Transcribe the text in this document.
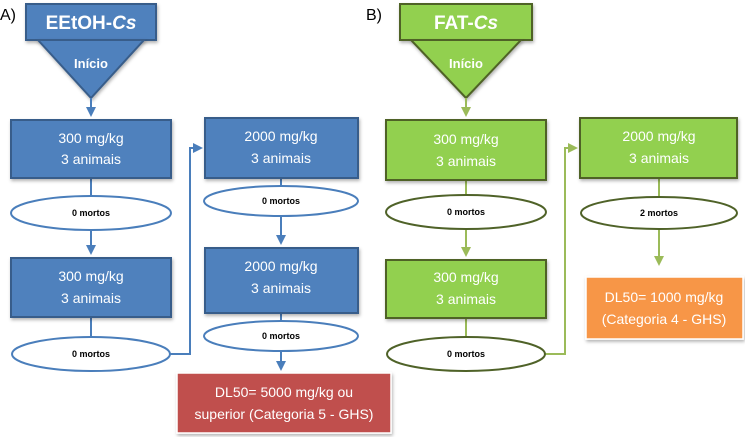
A) EEtOH-Cs
Início
300 mg/kg
3 animais
0 mortos
300 mg/kg
3 animais
0 mortos
2000 mg/kg
3 animais
0 mortos
2000 mg/kg
3 animais
0 mortos
DL50= 5000 mg/kg ou
superior (Categoria 5 - GHS)
B)	FAT-Cs
Início
300 mg/kg
3 animais
0 mortos
300 mg/kg
3 animais
0 mortos
2000 mg/kg
3 animais
2 mortos
DL50= 1000 mg/kg
(Categoria 4 - GHS)
